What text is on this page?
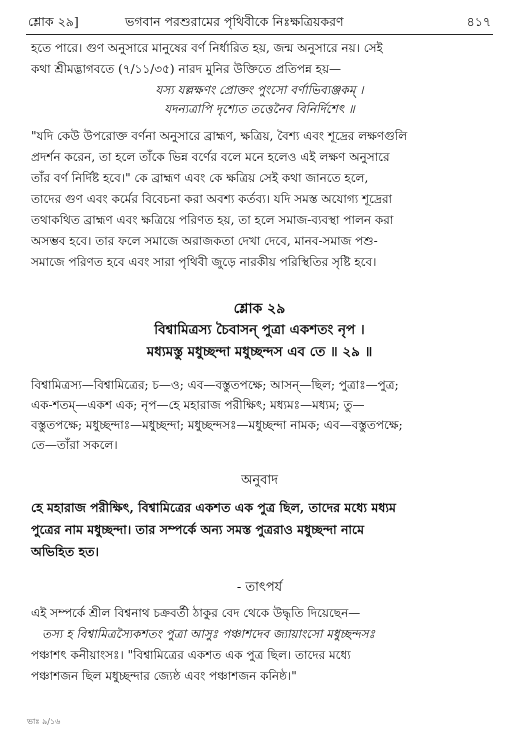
শ্লোক ২৯]	ভগবান পরশুরামের পৃথিবীকে নিঃক্ষত্রিয়করণ	৪১৭

হতে পারে। গুণ অনুসারে মানুষের বর্ণ নির্ধারিত হয়, জন্ম অনুসারে নয়। সেই

কথা শ্রীমদ্ভাগবতে (৭/১১/৩৫) নারদ মুনির উক্তিতে প্রতিপন্ন হয়—

যস্য যল্লক্ষণং প্রোক্তং পুংসো বর্ণাভিব্যঞ্জকম্ ।

যদন্যত্রাপি দৃশ্যেত তত্তেনৈব বিনির্দিশেৎ ॥

"যদি কেউ উপরোক্ত বর্ণনা অনুসারে ব্রাহ্মণ, ক্ষত্রিয়, বৈশ্য এবং শূদ্রের লক্ষণগুলি

প্রদর্শন করেন, তা হলে তাঁকে ভিন্ন বর্ণের বলে মনে হলেও এই লক্ষণ অনুসারে

তাঁর বর্ণ নির্দিষ্ট হবে।" কে ব্রাহ্মণ এবং কে ক্ষত্রিয় সেই কথা জানতে হলে,

তাদের গুণ এবং কর্মের বিবেচনা করা অবশ্য কর্তব্য। যদি সমস্ত অযোগ্য শূদ্রেরা

তথাকথিত ব্রাহ্মণ এবং ক্ষত্রিয়ে পরিণত হয়, তা হলে সমাজ-ব্যবস্থা পালন করা

অসম্ভব হবে। তার ফলে সমাজে অরাজকতা দেখা দেবে, মানব-সমাজ পশু-

সমাজে পরিণত হবে এবং সারা পৃথিবী জুড়ে নারকীয় পরিস্থিতির সৃষ্টি হবে।

শ্লোক ২৯

বিশ্বামিত্রস্য চৈবাসন্ পুত্রা একশতং নৃপ ।

মধ্যমস্তু মধুচ্ছন্দা মধুচ্ছন্দস এব তে ॥ ২৯ ॥

বিশ্বামিত্রস্য—বিশ্বামিত্রের; চ—ও; এব—বস্তুতপক্ষে; আসন্—ছিল; পুত্রাঃ—পুত্র;

এক-শতম্—একশ এক; নৃপ—হে মহারাজ পরীক্ষিৎ; মধ্যমঃ—মধ্যম; তু—

বস্তুতপক্ষে; মধুচ্ছন্দাঃ—মধুচ্ছন্দা; মধুচ্ছন্দসঃ—মধুচ্ছন্দা নামক; এব—বস্তুতপক্ষে;

তে—তাঁরা সকলে।

অনুবাদ

হে মহারাজ পরীক্ষিৎ, বিশ্বামিত্রের একশত এক পুত্র ছিল, তাদের মধ্যে মধ্যম

পুত্রের নাম মধুচ্ছন্দা। তার সম্পর্কে অন্য সমস্ত পুত্ররাও মধুচ্ছন্দা নামে

অভিহিত হত।

- তাৎপর্য

এই সম্পর্কে শ্রীল বিশ্বনাথ চক্রবর্তী ঠাকুর বেদ থেকে উদ্ধৃতি দিয়েছেন—

তস্য হ বিশ্বামিত্রস্যৈকশতং পুত্রা আসুঃ পঞ্চাশদেব জ্যায়াংসো মধুচ্ছন্দসঃ

পঞ্চাশৎ কনীয়াংসঃ। "বিশ্বামিত্রের একশত এক পুত্র ছিল। তাদের মধ্যে

পঞ্চাশজন ছিল মধুচ্ছন্দার জ্যেষ্ঠ এবং পঞ্চাশজন কনিষ্ঠ।"

ভাঃ ৯/১৬
